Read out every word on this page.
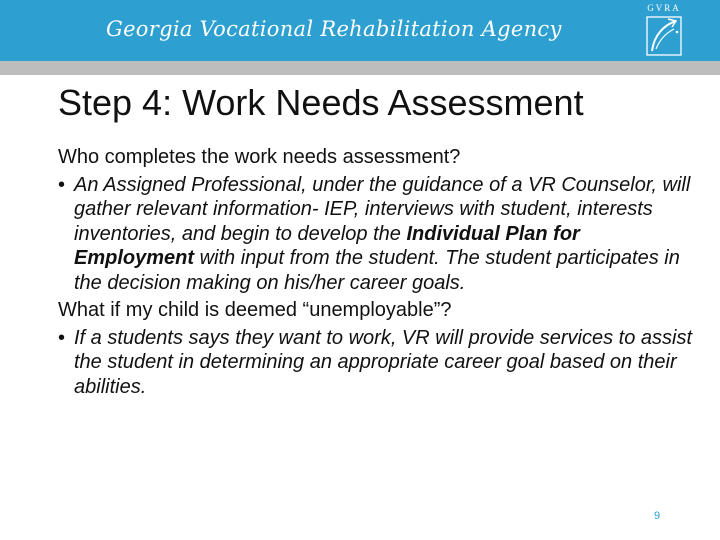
Georgia Vocational Rehabilitation Agency
GVRA
Step 4: Work Needs Assessment

Who completes the work needs assessment?

• An Assigned Professional, under the guidance of a VR Counselor, will gather relevant information- IEP, interviews with student, interests inventories, and begin to develop the Individual Plan for Employment with input from the student. The student participates in the decision making on his/her career goals.

What if my child is deemed “unemployable”?

• If a students says they want to work, VR will provide services to assist the student in determining an appropriate career goal based on their abilities.

9
